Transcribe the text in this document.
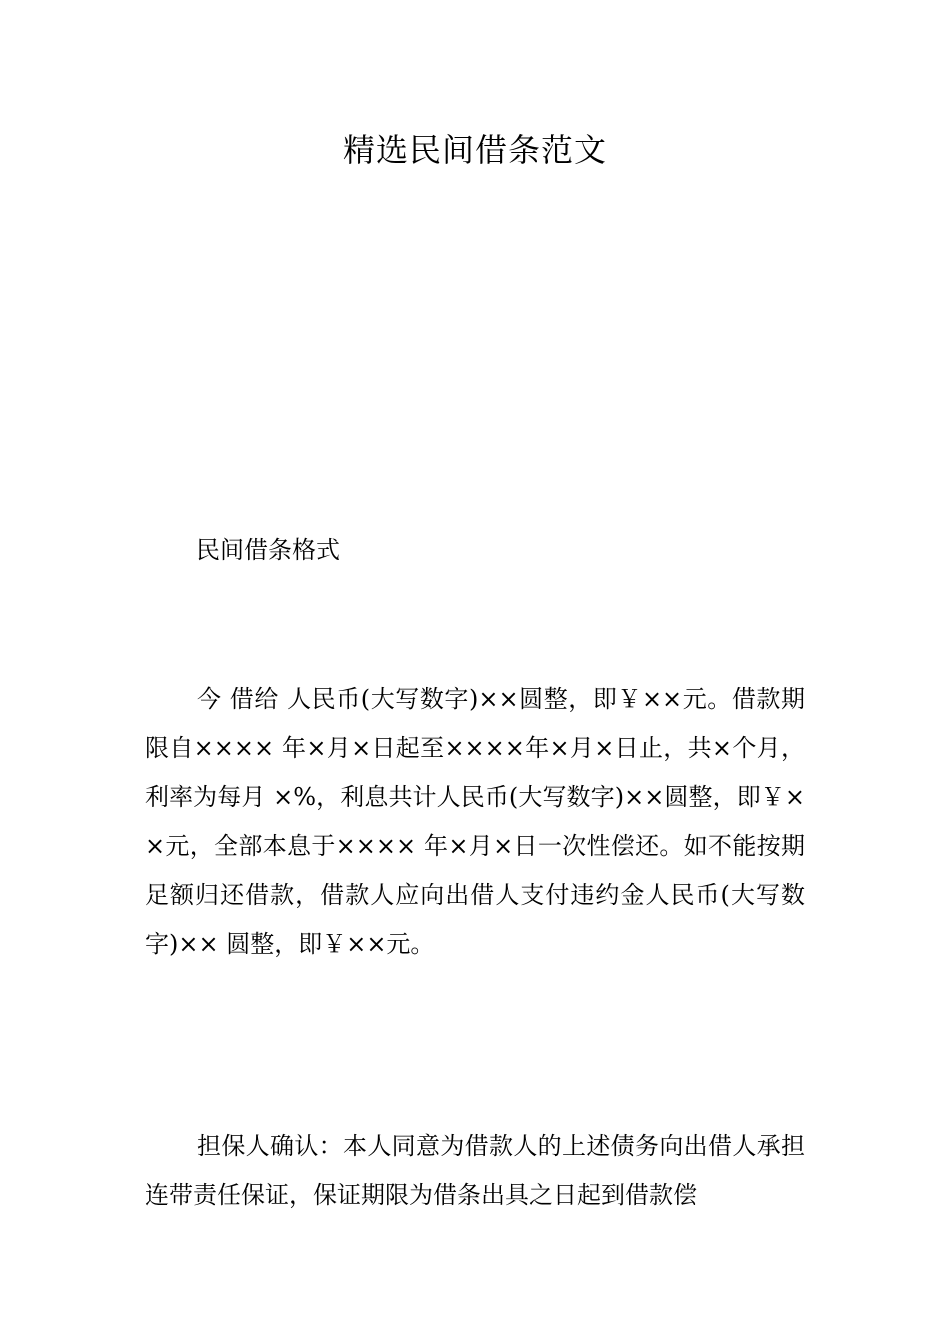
精选民间借条范文
民间借条格式

今 借给 人民币(大写数字)××圆整，即￥××元。借款期限自×××× 年×月×日起至××××年×月×日止，共×个月，利率为每月 ×%，利息共计人民币(大写数字)××圆整，即￥××元，全部本息于×××× 年×月×日一次性偿还。如不能按期足额归还借款，借款人应向出借人支付违约金人民币(大写数字)×× 圆整，即￥××元。

担保人确认：本人同意为借款人的上述债务向出借人承担连带责任保证，保证期限为借条出具之日起到借款偿
